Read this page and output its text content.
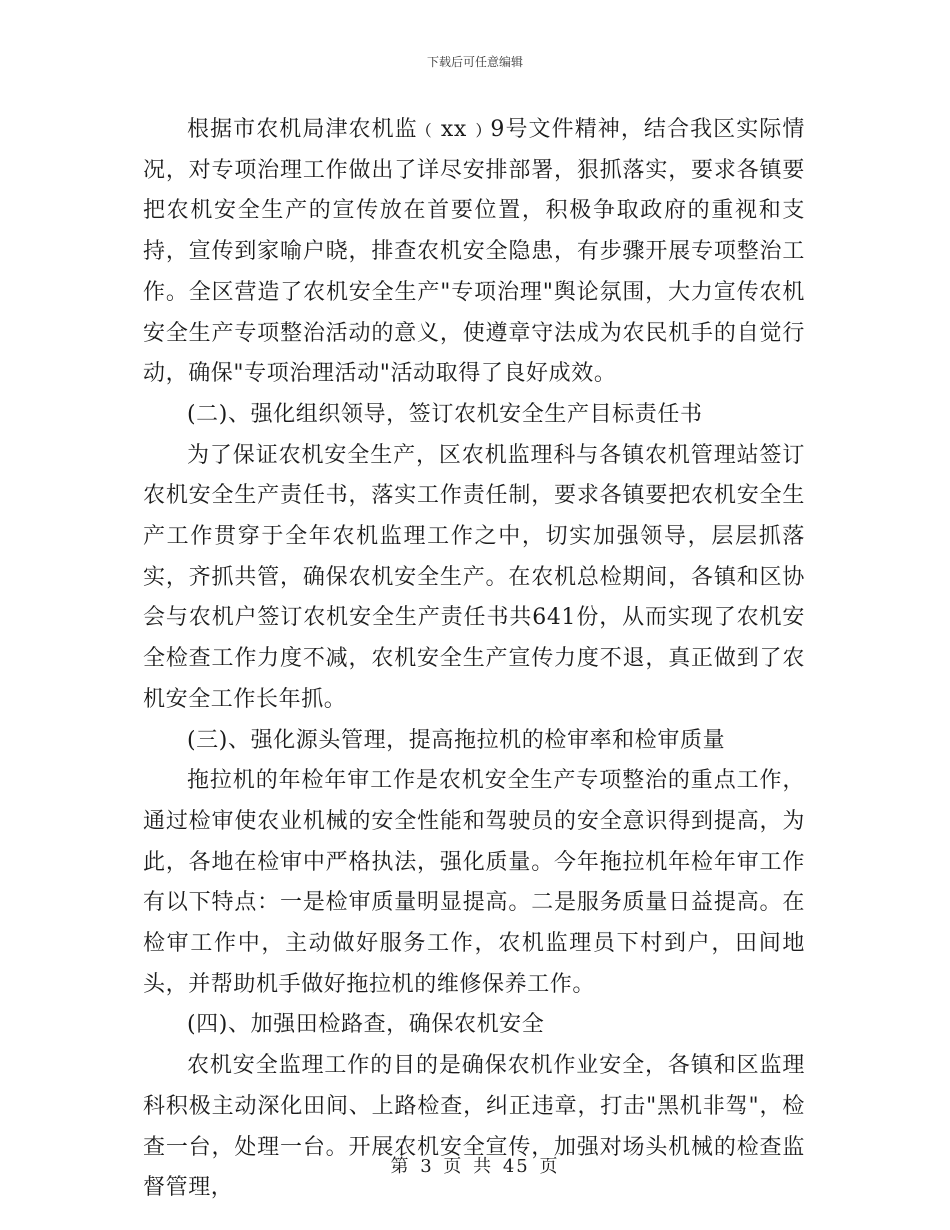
下载后可任意编辑

根据市农机局津农机监﹙xx﹚9号文件精神，结合我区实际情况，对专项治理工作做出了详尽安排部署，狠抓落实，要求各镇要把农机安全生产的宣传放在首要位置，积极争取政府的重视和支持，宣传到家喻户晓，排查农机安全隐患，有步骤开展专项整治工作。全区营造了农机安全生产"专项治理"舆论氛围，大力宣传农机安全生产专项整治活动的意义，使遵章守法成为农民机手的自觉行动，确保"专项治理活动"活动取得了良好成效。

(二)、强化组织领导，签订农机安全生产目标责任书

为了保证农机安全生产，区农机监理科与各镇农机管理站签订农机安全生产责任书，落实工作责任制，要求各镇要把农机安全生产工作贯穿于全年农机监理工作之中，切实加强领导，层层抓落实，齐抓共管，确保农机安全生产。在农机总检期间，各镇和区协会与农机户签订农机安全生产责任书共641份，从而实现了农机安全检查工作力度不减，农机安全生产宣传力度不退，真正做到了农机安全工作长年抓。

(三)、强化源头管理，提高拖拉机的检审率和检审质量

拖拉机的年检年审工作是农机安全生产专项整治的重点工作，通过检审使农业机械的安全性能和驾驶员的安全意识得到提高，为此，各地在检审中严格执法，强化质量。今年拖拉机年检年审工作有以下特点：一是检审质量明显提高。二是服务质量日益提高。在检审工作中，主动做好服务工作，农机监理员下村到户，田间地头，并帮助机手做好拖拉机的维修保养工作。

(四)、加强田检路查，确保农机安全

农机安全监理工作的目的是确保农机作业安全，各镇和区监理科积极主动深化田间、上路检查，纠正违章，打击"黑机非驾"，检查一台，处理一台。开展农机安全宣传，加强对场头机械的检查监督管理，

第 3 页 共 45 页
